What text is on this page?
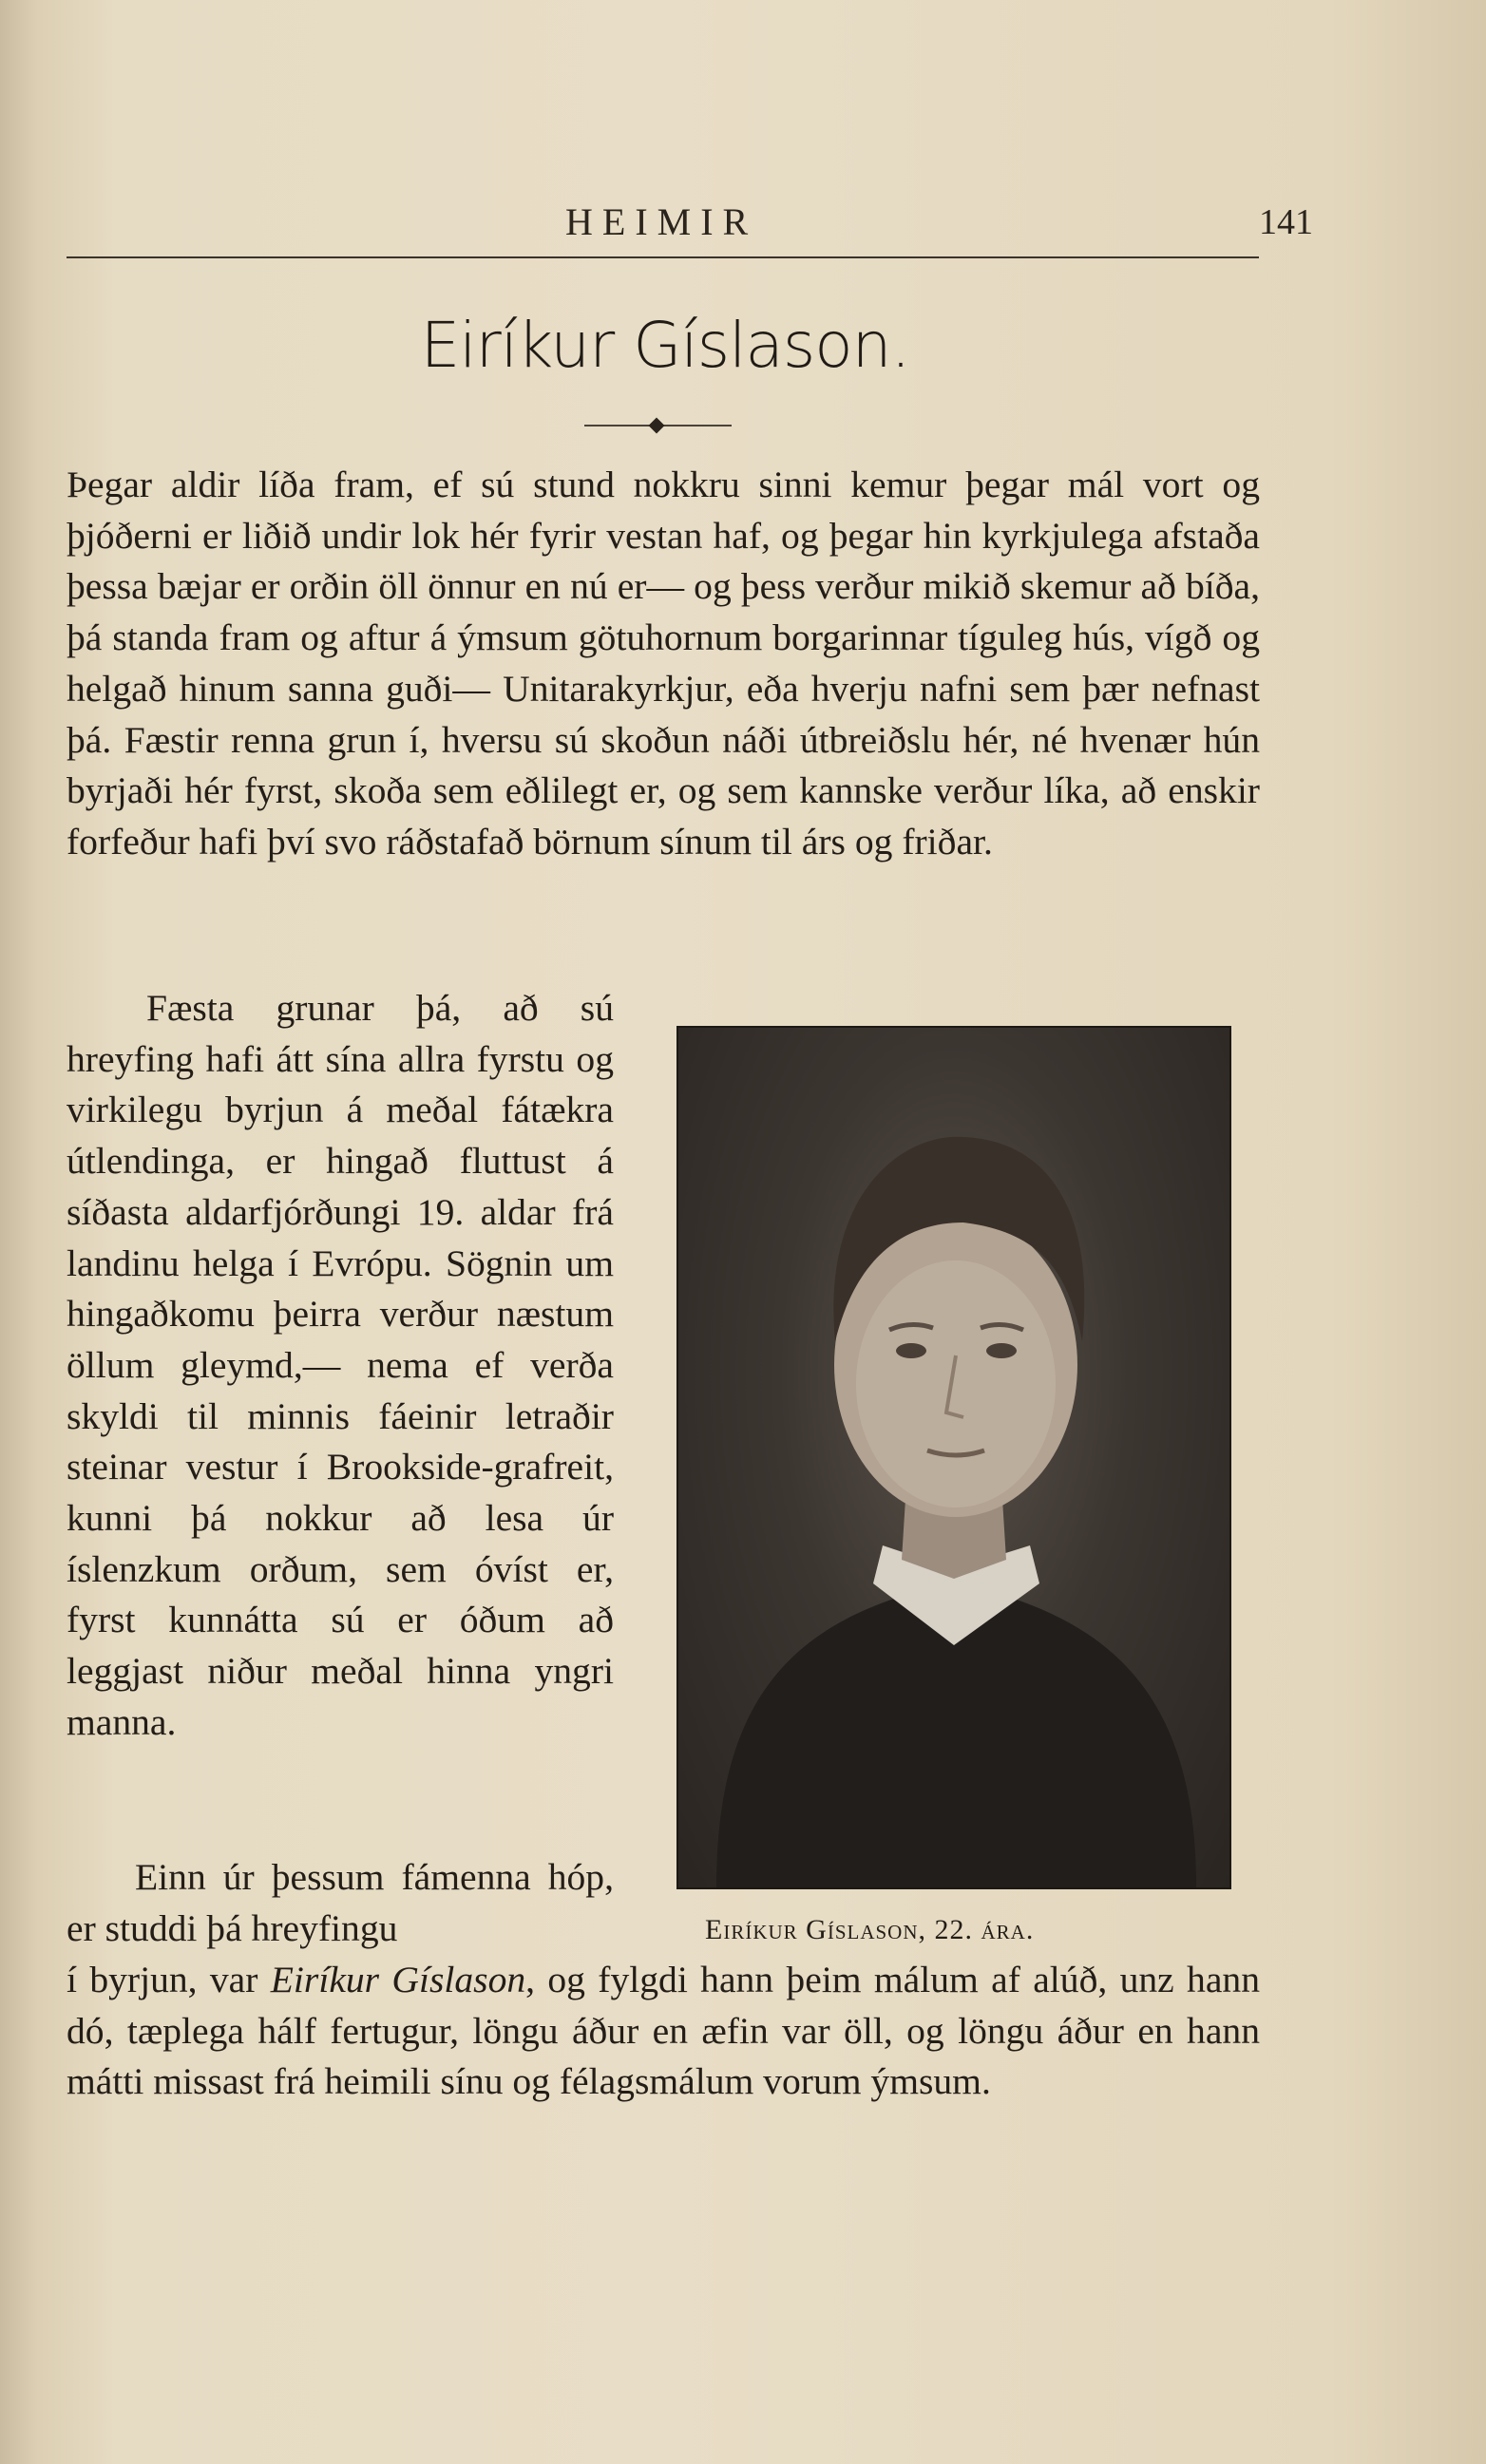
HEIMIR	141
Eiríkur Gíslason.

Þegar aldir líða fram, ef sú stund nokkru sinni kemur þegar mál vort og þjóðerni er liðið undir lok hér fyrir vestan haf, og þegar hin kyrkjulega afstaða þessa bæjar er orðin öll önnur en nú er— og þess verður mikið skemur að bíða, þá standa fram og aftur á ýmsum götuhornum borgarinnar tíguleg hús, vígð og helgað hinum sanna guði— Unitarakyrkjur, eða hverju nafni sem þær nefnast þá. Fæstir renna grun í, hversu sú skoðun náði útbreiðslu hér, né hvenær hún byrjaði hér fyrst, skoða sem eðlilegt er, og sem kannske verður líka, að enskir forfeður hafi því svo ráðstafað börnum sínum til árs og friðar.

Fæsta grunar þá, að sú hreyfing hafi átt sína allra fyrstu og virkilegu byrjun á meðal fátækra útlendinga, er hingað fluttust á síðasta aldarfjórðungi 19. aldar frá landinu helga í Evrópu. Sögnin um hingaðkomu þeirra verður næstum öllum gleymd,— nema ef verða skyldi til minnis fáeinir letraðir steinar vestur í Brookside-grafreit, kunni þá nokkur að lesa úr íslenzkum orðum, sem óvíst er, fyrst kunnátta sú er óðum að leggjast niður meðal hinna yngri manna.

Einn úr þessum fámenna hóp, er studdi þá hreyfingu

í byrjun, var Eiríkur Gíslason, og fylgdi hann þeim málum af alúð, unz hann dó, tæplega hálf fertugur, löngu áður en æfin var öll, og löngu áður en hann mátti missast frá heimili sínu og félagsmálum vorum ýmsum.

Eiríkur Gíslason, 22. ára.
